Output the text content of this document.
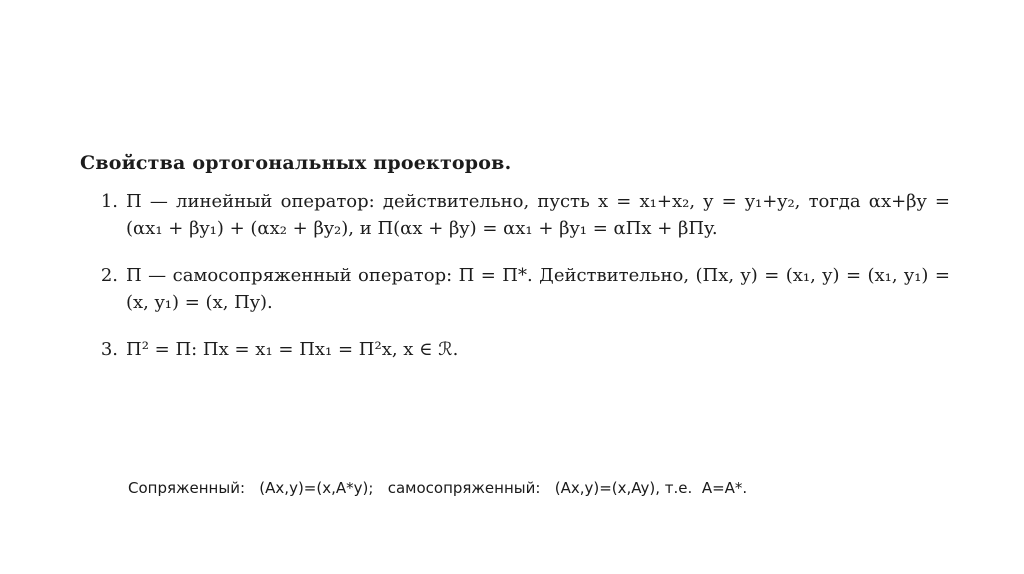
Свойства ортогональных проекторов.
1. Π — линейный оператор: действительно, пусть x = x₁+x₂, y = y₁+y₂, тогда αx+βy = (αx₁ + βy₁) + (αx₂ + βy₂), и Π(αx + βy) = αx₁ + βy₁ = αΠx + βΠy.
2. Π — самосопряженный оператор: Π = Π*. Действительно, (Πx, y) = (x₁, y) = (x₁, y₁) = (x, y₁) = (x, Πy).
3. Π² = Π: Πx = x₁ = Πx₁ = Π²x, x ∈ ℛ.
Сопряженный:   (Ax,y)=(x,A*y);   самосопряженный:   (Ax,y)=(x,Ay), т.е.  A=A*.
